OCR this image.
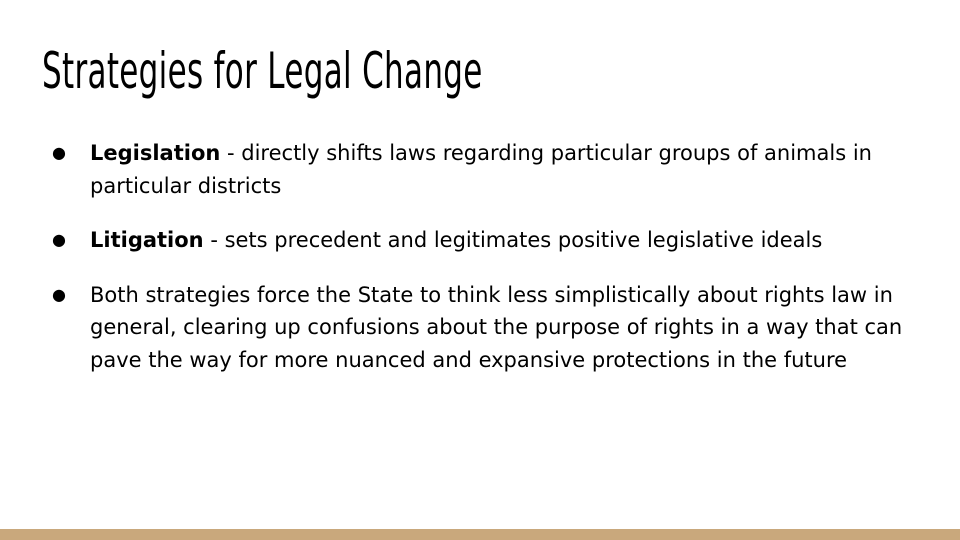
Strategies for Legal Change
●	Legislation - directly shifts laws regarding particular groups of animals in particular districts
●	Litigation - sets precedent and legitimates positive legislative ideals
●	Both strategies force the State to think less simplistically about rights law in general, clearing up confusions about the purpose of rights in a way that can pave the way for more nuanced and expansive protections in the future
